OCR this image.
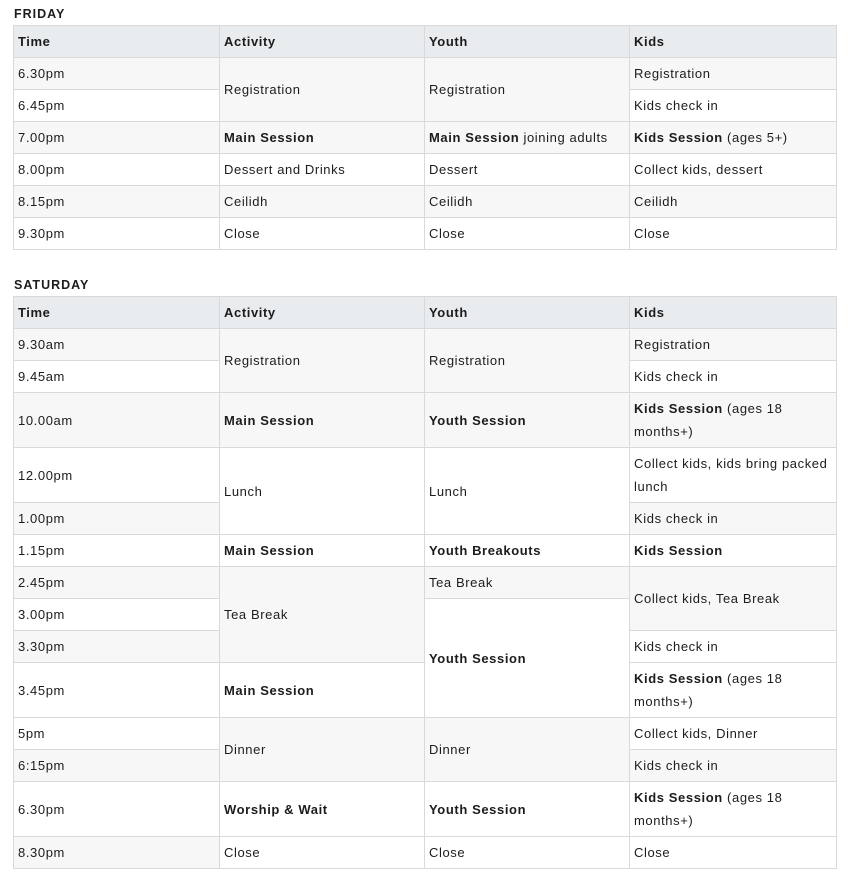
FRIDAY
Time	Activity	Youth	Kids
6.30pm	Registration	Registration	Registration
6.45pm			Kids check in
7.00pm	Main Session	Main Session joining adults	Kids Session (ages 5+)
8.00pm	Dessert and Drinks	Dessert	Collect kids, dessert
8.15pm	Ceilidh	Ceilidh	Ceilidh
9.30pm	Close	Close	Close
SATURDAY
Time	Activity	Youth	Kids
9.30am	Registration	Registration	Registration
9.45am			Kids check in
10.00am	Main Session	Youth Session	Kids Session (ages 18 months+)
12.00pm	Lunch	Lunch	Collect kids, kids bring packed lunch
1.00pm			Kids check in
1.15pm	Main Session	Youth Breakouts	Kids Session
2.45pm	Tea Break	Tea Break	Collect kids, Tea Break
3.00pm		Youth Session	
3.30pm			Kids check in
3.45pm	Main Session		Kids Session (ages 18 months+)
5pm	Dinner	Dinner	Collect kids, Dinner
6:15pm			Kids check in
6.30pm	Worship & Wait	Youth Session	Kids Session (ages 18 months+)
8.30pm	Close	Close	Close
